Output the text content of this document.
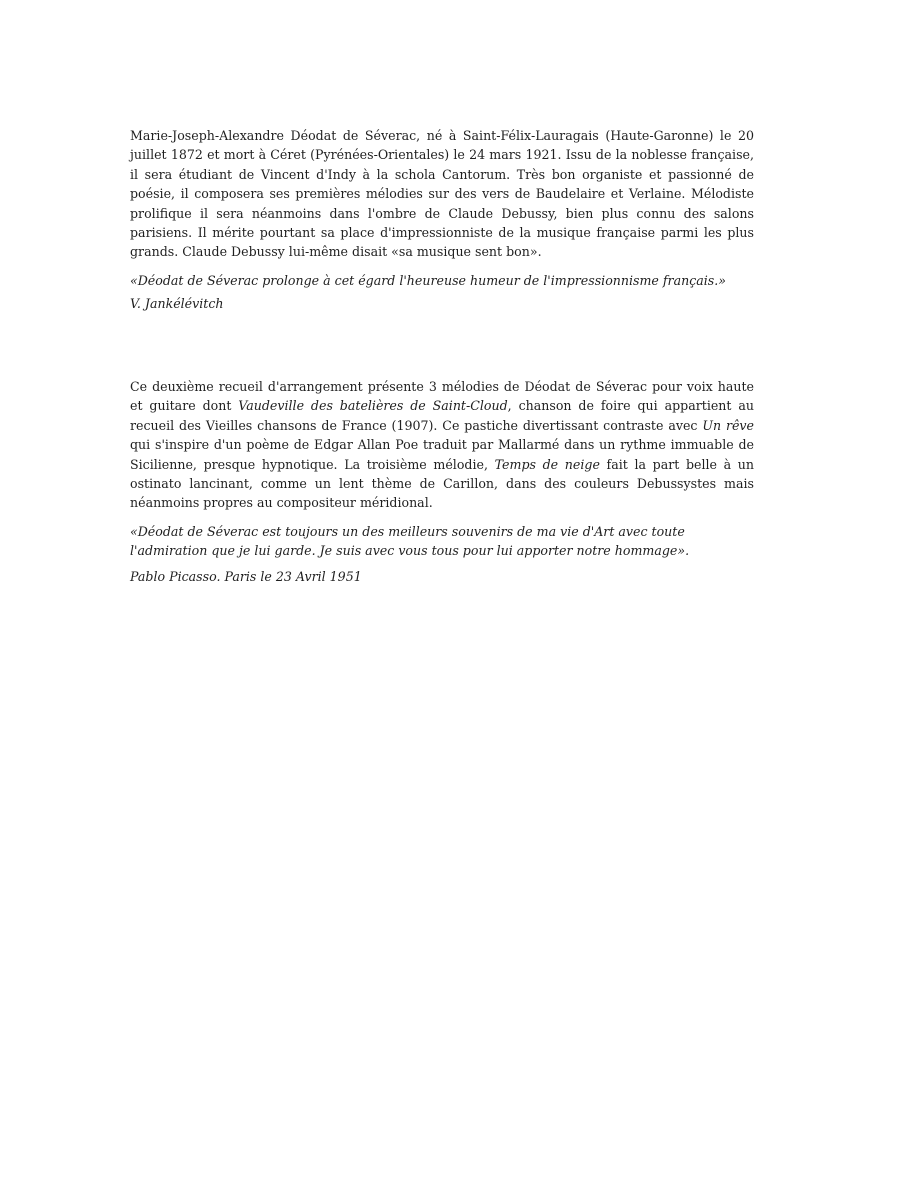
Marie-Joseph-Alexandre Déodat de Séverac, né à Saint-Félix-Lauragais (Haute-Garonne) le 20 juillet 1872 et mort à Céret (Pyrénées-Orientales) le 24 mars 1921. Issu de la noblesse française, il sera étudiant de Vincent d'Indy à la schola Cantorum. Très bon organiste et passionné de poésie, il composera ses premières mélodies sur des vers de Baudelaire et Verlaine. Mélodiste prolifique il sera néanmoins dans l'ombre de Claude Debussy, bien plus connu des salons parisiens. Il mérite pourtant sa place d'impressionniste de la musique française parmi les plus grands. Claude Debussy lui-même disait «sa musique sent bon».

«Déodat de Séverac prolonge à cet égard l'heureuse humeur de l'impressionnisme français.»

V. Jankélévitch

Ce deuxième recueil d'arrangement présente 3 mélodies de Déodat de Séverac pour voix haute et guitare dont Vaudeville des batelières de Saint-Cloud, chanson de foire qui appartient au recueil des Vieilles chansons de France (1907). Ce pastiche divertissant contraste avec Un rêve qui s'inspire d'un poème de Edgar Allan Poe traduit par Mallarmé dans un rythme immuable de Sicilienne, presque hypnotique. La troisième mélodie, Temps de neige fait la part belle à un ostinato lancinant, comme un lent thème de Carillon, dans des couleurs Debussystes mais néanmoins propres au compositeur méridional.

«Déodat de Séverac est toujours un des meilleurs souvenirs de ma vie d'Art avec toute l'admiration que je lui garde. Je suis avec vous tous pour lui apporter notre hommage».

Pablo Picasso. Paris le 23 Avril 1951
